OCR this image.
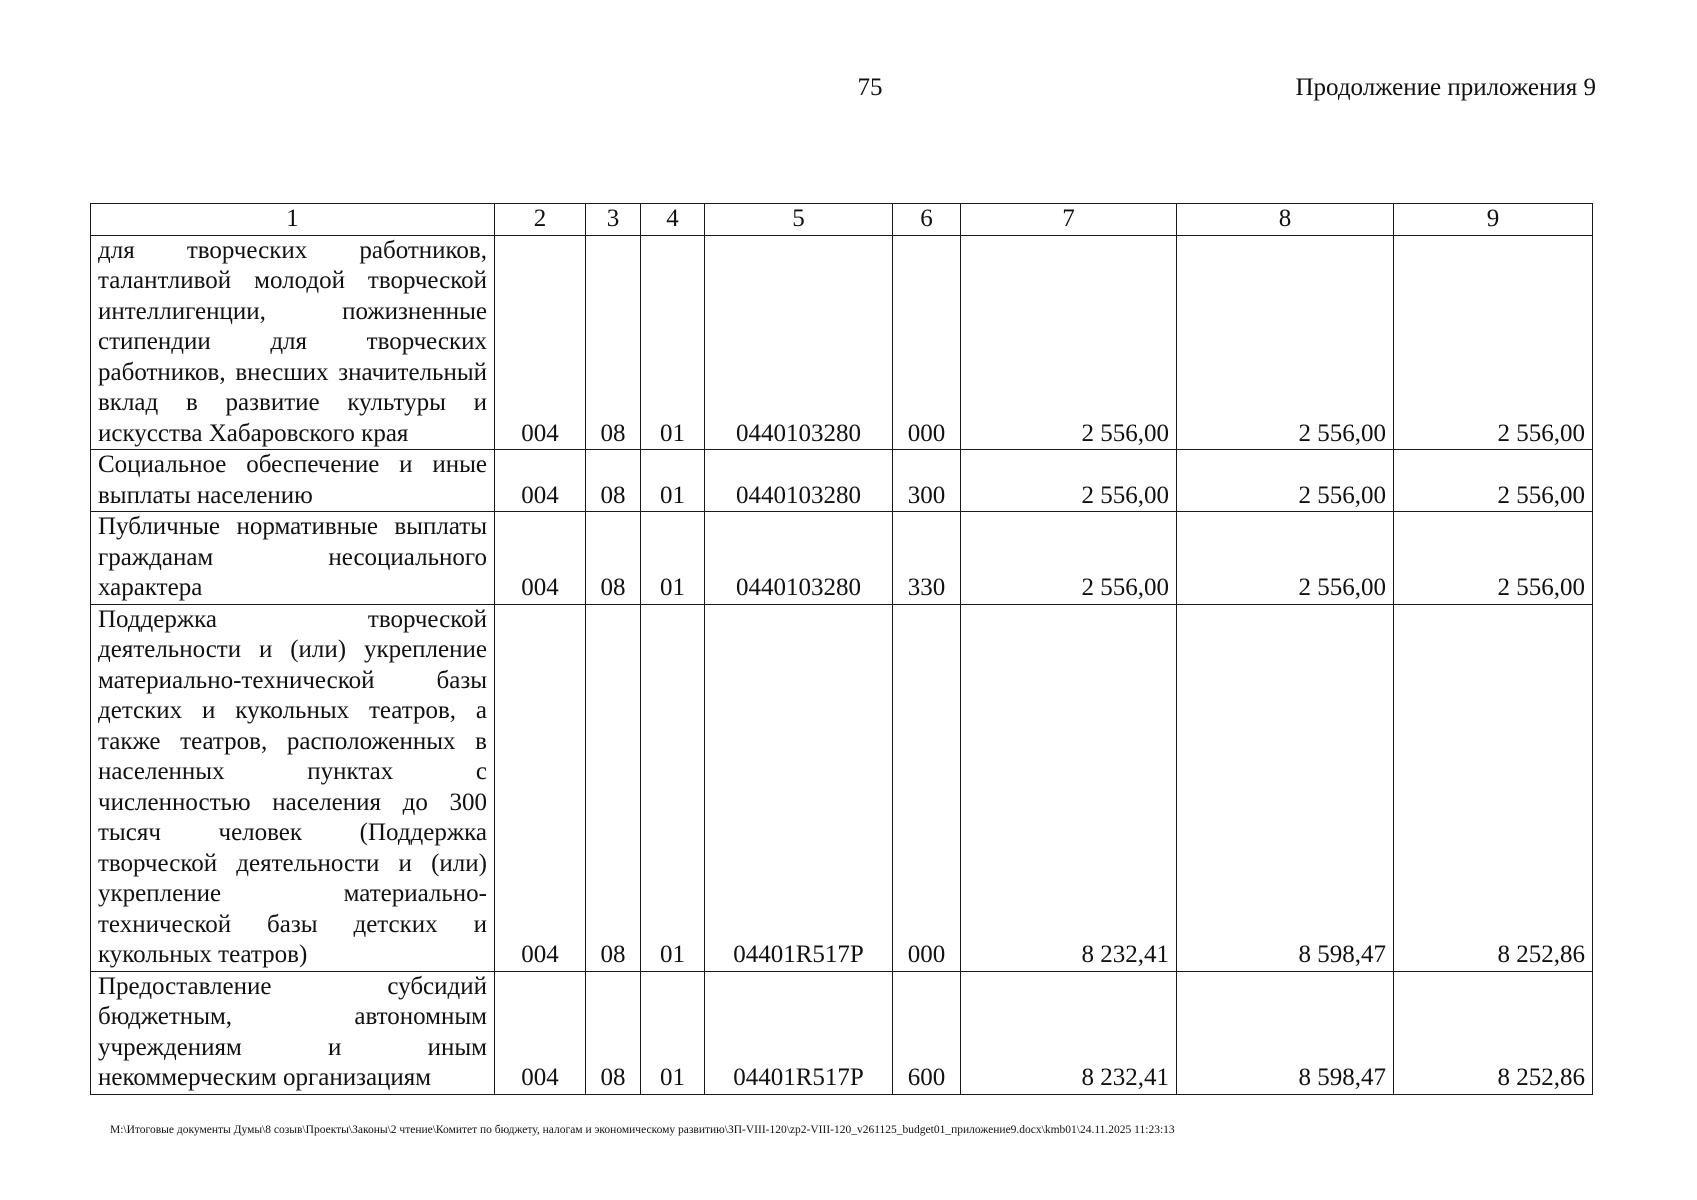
75	Продолжение приложения 9
1	2	3	4	5	6	7	8	9
для творческих работников, талантливой молодой творческой интеллигенции, пожизненные стипендии для творческих работников, внесших значительный вклад в развитие культуры и искусства Хабаровского края	004	08	01	0440103280	000	2 556,00	2 556,00	2 556,00
Социальное обеспечение и иные выплаты населению	004	08	01	0440103280	300	2 556,00	2 556,00	2 556,00
Публичные нормативные выплаты гражданам несоциального характера	004	08	01	0440103280	330	2 556,00	2 556,00	2 556,00
Поддержка творческой деятельности и (или) укрепление материально-технической базы детских и кукольных театров, а также театров, расположенных в населенных пунктах с численностью населения до 300 тысяч человек (Поддержка творческой деятельности и (или) укрепление материально-технической базы детских и кукольных театров)	004	08	01	04401R517P	000	8 232,41	8 598,47	8 252,86
Предоставление субсидий бюджетным, автономным учреждениям и иным некоммерческим организациям	004	08	01	04401R517P	600	8 232,41	8 598,47	8 252,86
M:\Итоговые документы Думы\8 созыв\Проекты\Законы\2 чтение\Комитет по бюджету, налогам и экономическому развитию\ЗП-VIII-120\zp2-VIII-120_v261125_budget01_приложение9.docx\kmb01\24.11.2025 11:23:13
